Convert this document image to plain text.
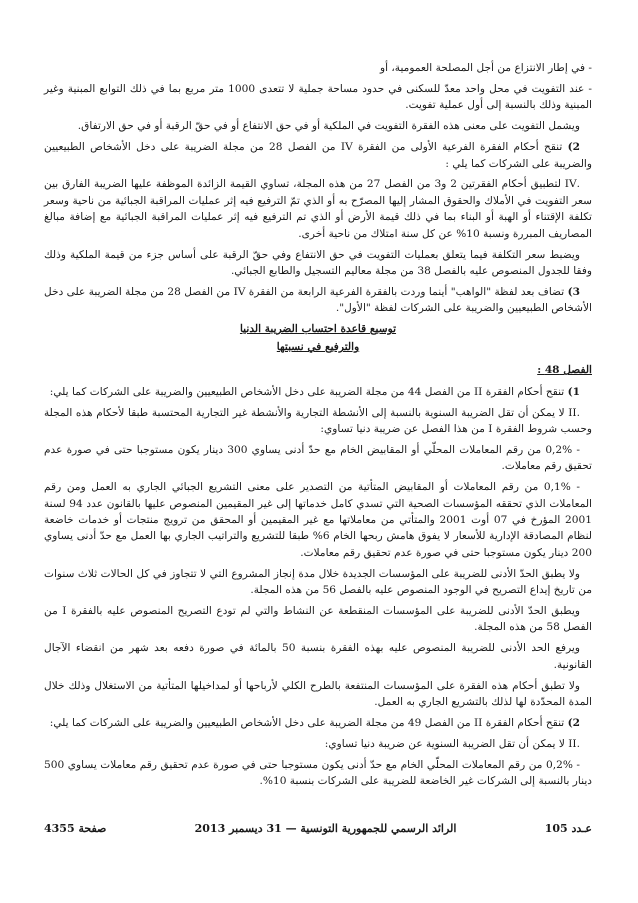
- في إطار الانتزاع من أجل المصلحة العمومية، أو

- عند التفويت في محل واحد معدّ للسكنى في حدود مساحة جملية لا تتعدى 1000 متر مربع بما في ذلك التوابع المبنية وغير المبنية وذلك بالنسبة إلى أول عملية تفويت.

ويشمل التفويت على معنى هذه الفقرة التفويت في الملكية أو في حق الانتفاع أو في حقّ الرقبة أو في حق الارتفاق.

2) تنقح أحكام الفقرة الفرعية الأولى من الفقرة IV من الفصل 28 من مجلة الضريبة على دخل الأشخاص الطبيعيين والضريبة على الشركات كما يلي :

.IV لتطبيق أحكام الفقرتين 2 و3 من الفصل 27 من هذه المجلة، تساوي القيمة الزائدة الموظفة عليها الضريبة الفارق بين سعر التفويت في الأملاك والحقوق المشار إليها المصرّح به أو الذي تمّ الترفيع فيه إثر عمليات المراقبة الجبائية من ناحية وسعر تكلفة الإقتناء أو الهبة أو البناء بما في ذلك قيمة الأرض أو الذي تم الترفيع فيه إثر عمليات المراقبة الجبائية مع إضافة مبالغ المصاريف المبررة ونسبة 10% عن كل سنة امتلاك من ناحية أخرى.

ويضبط سعر التكلفة فيما يتعلق بعمليات التفويت في حق الانتفاع وفي حقّ الرقبة على أساس جزء من قيمة الملكية وذلك وفقا للجدول المنصوص عليه بالفصل 38 من مجلة معاليم التسجيل والطابع الجبائي.

3) تضاف بعد لفظة "الواهب" أينما وردت بالفقرة الفرعية الرابعة من الفقرة IV من الفصل 28 من مجلة الضريبة على دخل الأشخاص الطبيعيين والضريبة على الشركات لفظة "الأول".

توسيع قاعدة احتساب الضريبة الدنيا
والترفيع في نسبتها
الفصل 48 :

1) تنقح أحكام الفقرة II من الفصل 44 من مجلة الضريبة على دخل الأشخاص الطبيعيين والضريبة على الشركات كما يلي:

.II لا يمكن أن تقل الضريبة السنوية بالنسبة إلى الأنشطة التجارية والأنشطة غير التجارية المحتسبة طبقا لأحكام هذه المجلة وحسب شروط الفقرة I من هذا الفصل عن ضريبة دنيا تساوي:

- 0,2% من رقم المعاملات المحلّي أو المقابيض الخام مع حدّ أدنى يساوي 300 دينار يكون مستوجبا حتى في صورة عدم تحقيق رقم معاملات.

- 0,1% من رقم المعاملات أو المقابيض المتأتية من التصدير على معنى التشريع الجبائي الجاري به العمل ومن رقم المعاملات الذي تحققه المؤسسات الصحية التي تسدي كامل خدماتها إلى غير المقيمين المنصوص عليها بالقانون عدد 94 لسنة 2001 المؤرخ في 07 أوت 2001 والمتأتي من معاملاتها مع غير المقيمين أو المحقق من ترويج منتجات أو خدمات خاضعة لنظام المصادقة الإدارية للأسعار لا يفوق هامش ربحها الخام 6% طبقا للتشريع والتراتيب الجاري بها العمل مع حدّ أدنى يساوي 200 دينار يكون مستوجبا حتى في صورة عدم تحقيق رقم معاملات.

ولا يطبق الحدّ الأدنى للضريبة على المؤسسات الجديدة خلال مدة إنجاز المشروع التي لا تتجاوز في كل الحالات ثلاث سنوات من تاريخ إيداع التصريح في الوجود المنصوص عليه بالفصل 56 من هذه المجلة.

ويطبق الحدّ الأدنى للضريبة على المؤسسات المنقطعة عن النشاط والتي لم تودع التصريح المنصوص عليه بالفقرة I من الفصل 58 من هذه المجلة.

ويرفع الحد الأدنى للضريبة المنصوص عليه بهذه الفقرة بنسبة 50 بالمائة في صورة دفعه بعد شهر من انقضاء الآجال القانونية.

ولا تطبق أحكام هذه الفقرة على المؤسسات المنتفعة بالطرح الكلي لأرباحها أو لمداخيلها المتأتية من الاستغلال وذلك خلال المدة المحدّدة لها لذلك بالتشريع الجاري به العمل.

2) تنقح أحكام الفقرة II من الفصل 49 من مجلة الضريبة على دخل الأشخاص الطبيعيين والضريبة على الشركات كما يلي:

.II لا يمكن أن تقل الضريبة السنوية عن ضريبة دنيا تساوي:

- 0,2% من رقم المعاملات المحلّي الخام مع حدّ أدنى يكون مستوجبا حتى في صورة عدم تحقيق رقم معاملات يساوي 500 دينار بالنسبة إلى الشركات غير الخاضعة للضريبة على الشركات بنسبة 10%.

عـدد 105
الرائد الرسمي للجمهورية التونسية — 31 ديسمبر 2013
صفحة 4355
